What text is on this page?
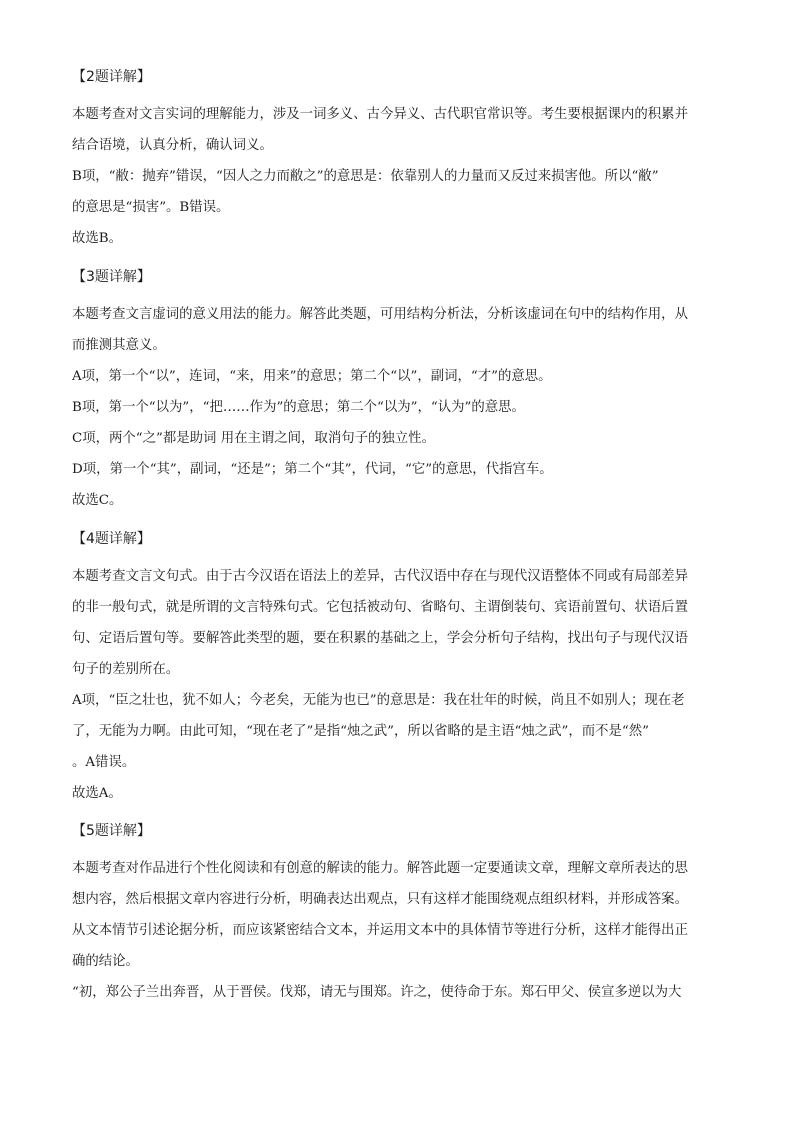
【2题详解】
本题考查对文言实词的理解能力，涉及一词多义、古今异义、古代职官常识等。考生要根据课内的积累并
结合语境，认真分析，确认词义。
B项，“敝：抛弃”错误，“因人之力而敝之”的意思是：依靠别人的力量而又反过来损害他。所以“敝”
的意思是“损害”。B错误。
故选B。
【3题详解】
本题考查文言虚词的意义用法的能力。解答此类题，可用结构分析法，分析该虚词在句中的结构作用，从
而推测其意义。
A项，第一个“以”，连词，“来，用来”的意思；第二个“以”，副词，“才”的意思。
B项，第一个“以为”，“把……作为”的意思；第二个“以为”，“认为”的意思。
C项，两个“之”都是助词 用在主谓之间，取消句子的独立性。
D项，第一个“其”，副词，“还是”；第二个“其”，代词，“它”的意思，代指宫车。
故选C。
【4题详解】
本题考查文言文句式。由于古今汉语在语法上的差异，古代汉语中存在与现代汉语整体不同或有局部差异
的非一般句式，就是所谓的文言特殊句式。它包括被动句、省略句、主谓倒装句、宾语前置句、状语后置
句、定语后置句等。要解答此类型的题，要在积累的基础之上，学会分析句子结构，找出句子与现代汉语
句子的差别所在。
A项，“臣之壮也，犹不如人；今老矣，无能为也已”的意思是：我在壮年的时候，尚且不如别人；现在老
了，无能为力啊。由此可知，“现在老了”是指“烛之武”，所以省略的是主语“烛之武”，而不是“然”
。A错误。
故选A。
【5题详解】
本题考查对作品进行个性化阅读和有创意的解读的能力。解答此题一定要通读文章，理解文章所表达的思
想内容，然后根据文章内容进行分析，明确表达出观点，只有这样才能围绕观点组织材料，并形成答案。
从文本情节引述论据分析，而应该紧密结合文本，并运用文本中的具体情节等进行分析，这样才能得出正
确的结论。
“初，郑公子兰出奔晋，从于晋侯。伐郑，请无与围郑。许之，使待命于东。郑石甲父、侯宣多逆以为大
